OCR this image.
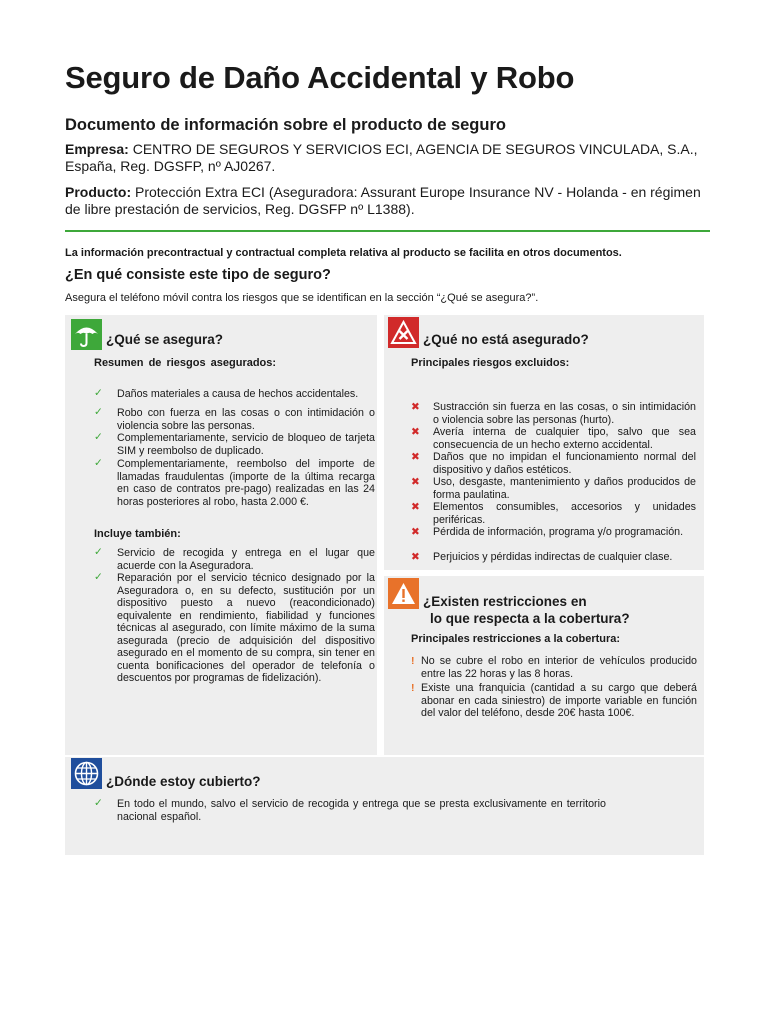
Seguro de Daño Accidental y Robo
Documento de información sobre el producto de seguro
Empresa: CENTRO DE SEGUROS Y SERVICIOS ECI, AGENCIA DE SEGUROS VINCULADA, S.A., España, Reg. DGSFP, nº AJ0267.
Producto: Protección Extra ECI (Aseguradora: Assurant Europe Insurance NV - Holanda - en régimen de libre prestación de servicios, Reg. DGSFP nº L1388).
La información precontractual y contractual completa relativa al producto se facilita en otros documentos.
¿En qué consiste este tipo de seguro?
Asegura el teléfono móvil contra los riesgos que se identifican en la sección “¿Qué se asegura?”.
¿Qué se asegura?
Resumen de riesgos asegurados:
✓ Daños materiales a causa de hechos accidentales.
✓ Robo con fuerza en las cosas o con intimidación o violencia sobre las personas.
✓ Complementariamente, servicio de bloqueo de tarjeta SIM y reembolso de duplicado.
✓ Complementariamente, reembolso del importe de llamadas fraudulentas (importe de la última recarga en caso de contratos pre-pago) realizadas en las 24 horas posteriores al robo, hasta 2.000 €.
Incluye también:
✓ Servicio de recogida y entrega en el lugar que acuerde con la Aseguradora.
✓ Reparación por el servicio técnico designado por la Aseguradora o, en su defecto, sustitución por un dispositivo puesto a nuevo (reacondicionado) equivalente en rendimiento, fiabilidad y funciones técnicas al asegurado, con límite máximo de la suma asegurada (precio de adquisición del dispositivo asegurado en el momento de su compra, sin tener en cuenta bonificaciones del operador de telefonía o descuentos por programas de fidelización).
¿Qué no está asegurado?
Principales riesgos excluidos:
✖ Sustracción sin fuerza en las cosas, o sin intimidación o violencia sobre las personas (hurto).
✖ Avería interna de cualquier tipo, salvo que sea consecuencia de un hecho externo accidental.
✖ Daños que no impidan el funcionamiento normal del dispositivo y daños estéticos.
✖ Uso, desgaste, mantenimiento y daños producidos de forma paulatina.
✖ Elementos consumibles, accesorios y unidades periféricas.
✖ Pérdida de información, programa y/o programación.
✖ Perjuicios y pérdidas indirectas de cualquier clase.
¿Existen restricciones en
lo que respecta a la cobertura?
Principales restricciones a la cobertura:
! No se cubre el robo en interior de vehículos producido entre las 22 horas y las 8 horas.
! Existe una franquicia (cantidad a su cargo que deberá abonar en cada siniestro) de importe variable en función del valor del teléfono, desde 20€ hasta 100€.
¿Dónde estoy cubierto?
✓ En todo el mundo, salvo el servicio de recogida y entrega que se presta exclusivamente en territorio nacional español.
